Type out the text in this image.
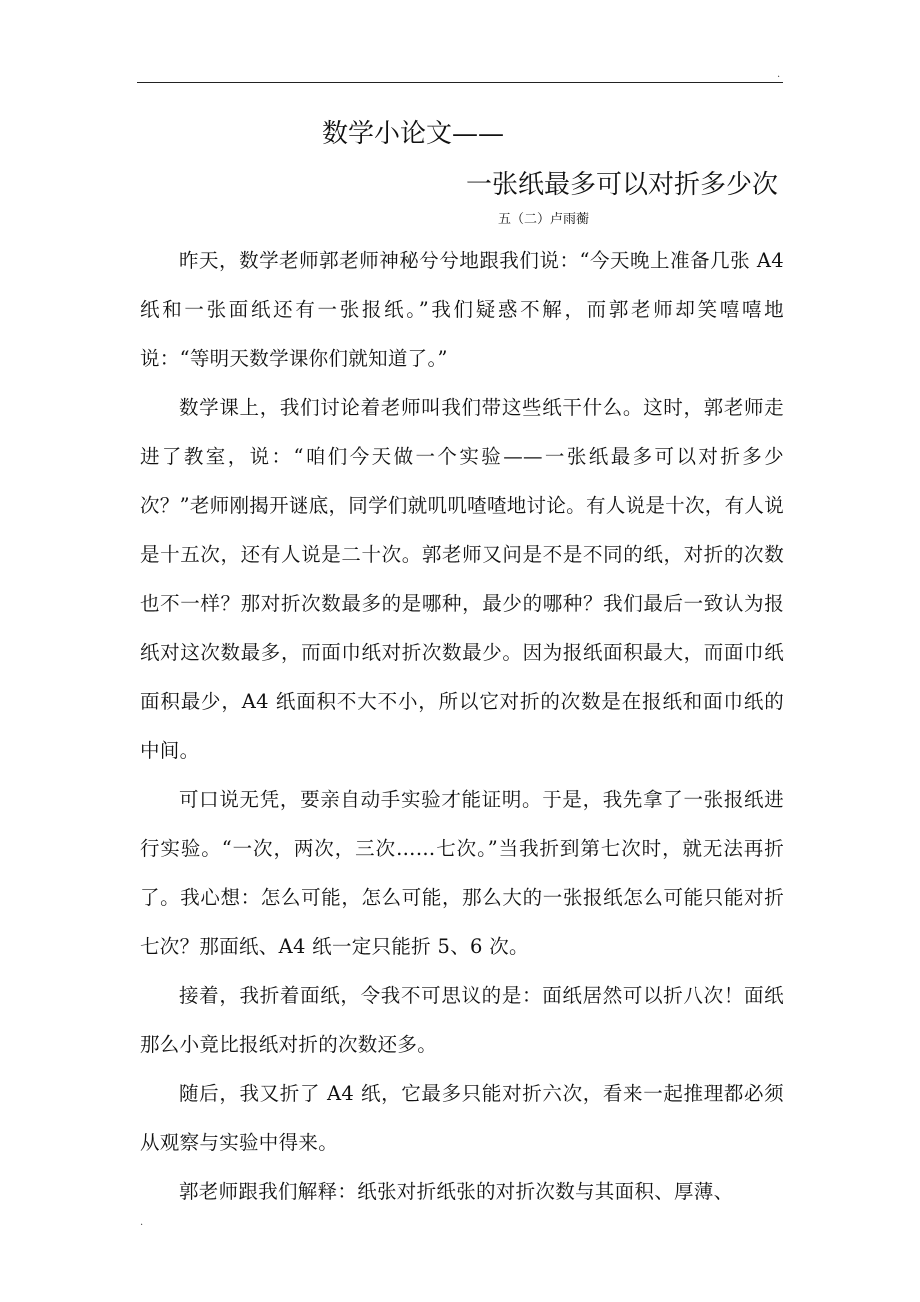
.
数学小论文——
一张纸最多可以对折多少次
五（二）卢雨蘅

昨天，数学老师郭老师神秘兮兮地跟我们说：“今天晚上准备几张 A4 纸和一张面纸还有一张报纸。”我们疑惑不解，而郭老师却笑嘻嘻地说：“等明天数学课你们就知道了。”

数学课上，我们讨论着老师叫我们带这些纸干什么。这时，郭老师走进了教室，说：“咱们今天做一个实验——一张纸最多可以对折多少次？”老师刚揭开谜底，同学们就叽叽喳喳地讨论。有人说是十次，有人说是十五次，还有人说是二十次。郭老师又问是不是不同的纸，对折的次数也不一样？那对折次数最多的是哪种，最少的哪种？我们最后一致认为报纸对这次数最多，而面巾纸对折次数最少。因为报纸面积最大，而面巾纸面积最少，A4 纸面积不大不小，所以它对折的次数是在报纸和面巾纸的中间。

可口说无凭，要亲自动手实验才能证明。于是，我先拿了一张报纸进行实验。“一次，两次，三次……七次。”当我折到第七次时，就无法再折了。我心想：怎么可能，怎么可能，那么大的一张报纸怎么可能只能对折七次？那面纸、A4 纸一定只能折 5、6 次。

接着，我折着面纸，令我不可思议的是：面纸居然可以折八次！面纸那么小竟比报纸对折的次数还多。

随后，我又折了 A4 纸，它最多只能对折六次，看来一起推理都必须从观察与实验中得来。

郭老师跟我们解释：纸张对折纸张的对折次数与其面积、厚薄、

.
